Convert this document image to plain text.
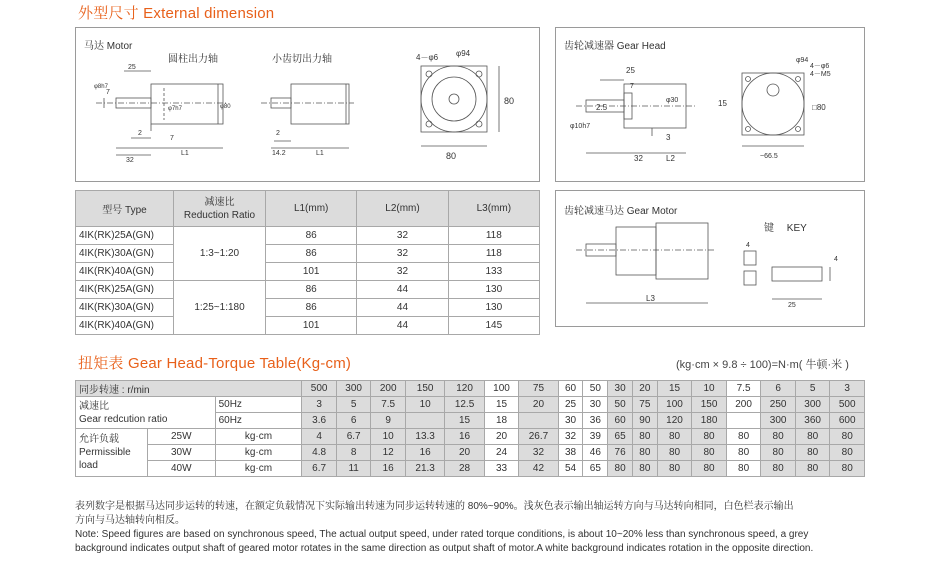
外型尺寸 External dimension
马达 Motor
圆柱出力轴	小齿切出力轴
25
φ8h7
7
2
7
32
L1
φ80
φ7h7
2
14.2	L1
4－φ6 φ94
80
80
齿轮减速器 Gear Head
25
7
2.5
φ10h7
φ30
3
32	L2
φ94
4－φ6
4－M5
15	□80
~66.5
型号 Type	减速比 Reduction Ratio	L1(mm)	L2(mm)	L3(mm)
4IK(RK)25A(GN)	1:3~1:20	86	32	118
4IK(RK)30A(GN)		86	32	118
4IK(RK)40A(GN)		101	32	133
4IK(RK)25A(GN)	1:25~1:180	86	44	130
4IK(RK)30A(GN)		86	44	130
4IK(RK)40A(GN)		101	44	145
齿轮减速马达 Gear Motor
键　 KEY
L3
4
25
4
扭矩表 Gear Head-Torque Table(Kg-cm)	(kg·cm × 9.8 ÷ 100)=N·m( 牛顿·米 )
同步转速 : r/min			500	300	200	150	120	100	75	60	50	30	20	15	10	7.5	6	5	3
减速比
Gear redcution ratio		50Hz	3	5	7.5	10	12.5	15	20	25	30	50	75	100	150	200	250	300	500
		60Hz	3.6	6	9		15	18		30	36	60	90	120	180		300	360	600
允许负载
Permissible
load	25W	kg·cm	4	6.7	10	13.3	16	20	26.7	32	39	65	80	80	80	80	80	80	80
	30W	kg·cm	4.8	8	12	16	20	24	32	38	46	76	80	80	80	80	80	80	80
	40W	kg·cm	6.7	11	16	21.3	28	33	42	54	65	80	80	80	80	80	80	80	80
表列数字是根据马达同步运转的转速，在额定负载情况下实际输出转速为同步运转转速的 80%~90%。浅灰色表示输出轴运转方向与马达转向相同，白色栏表示输出
方向与马达轴转向相反。
Note: Speed figures are based on synchronous speed, The actual output speed, under rated torque conditions, is about 10~20% less than synchronous speed, a grey
background indicates output shaft of geared motor rotates in the same direction as output shaft of motor.A white background indicates rotation in the opposite direction.
